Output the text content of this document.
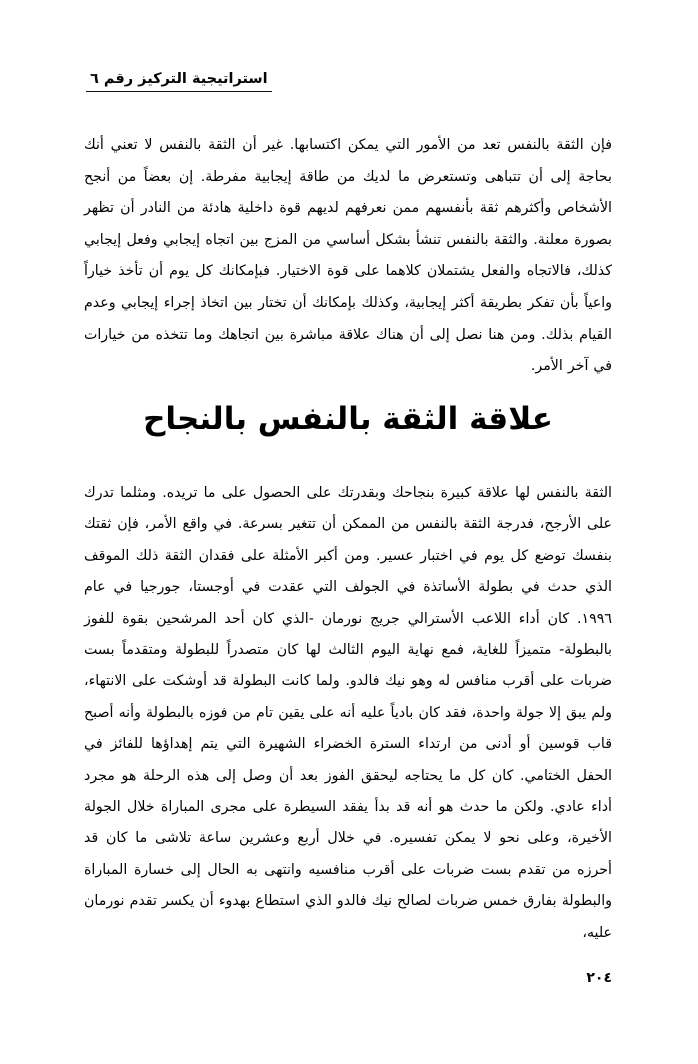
استراتيجية التركيز رقم ٦

فإن الثقة بالنفس تعد من الأمور التي يمكن اكتسابها. غير أن الثقة بالنفس لا تعني أنك بحاجة إلى أن تتباهى وتستعرض ما لديك من طاقة إيجابية مفرطة. إن بعضاً من أنجح الأشخاص وأكثرهم ثقة بأنفسهم ممن نعرفهم لديهم قوة داخلية هادئة من النادر أن تظهر بصورة معلنة. والثقة بالنفس تنشأ بشكل أساسي من المزج بين اتجاه إيجابي وفعل إيجابي كذلك، فالاتجاه والفعل يشتملان كلاهما على قوة الاختيار. فبإمكانك كل يوم أن تأخذ خياراً واعياً بأن تفكر بطريقة أكثر إيجابية، وكذلك بإمكانك أن تختار بين اتخاذ إجراء إيجابي وعدم القيام بذلك. ومن هنا نصل إلى أن هناك علاقة مباشرة بين اتجاهك وما تتخذه من خيارات في آخر الأمر.

علاقة الثقة بالنفس بالنجاح

الثقة بالنفس لها علاقة كبيرة بنجاحك وبقدرتك على الحصول على ما تريده. ومثلما تدرك على الأرجح، فدرجة الثقة بالنفس من الممكن أن تتغير بسرعة. في واقع الأمر، فإن ثقتك بنفسك توضع كل يوم في اختبار عسير. ومن أكبر الأمثلة على فقدان الثقة ذلك الموقف الذي حدث في بطولة الأساتذة في الجولف التي عقدت في أوجستا، جورجيا في عام ١٩٩٦. كان أداء اللاعب الأسترالي جريج نورمان -الذي كان أحد المرشحين بقوة للفوز بالبطولة- متميزاً للغاية، فمع نهاية اليوم الثالث لها كان متصدراً للبطولة ومتقدماً بست ضربات على أقرب منافس له وهو نيك فالدو. ولما كانت البطولة قد أوشكت على الانتهاء، ولم يبق إلا جولة واحدة، فقد كان بادياً عليه أنه على يقين تام من فوزه بالبطولة وأنه أصبح قاب قوسين أو أدنى من ارتداء السترة الخضراء الشهيرة التي يتم إهداؤها للفائز في الحفل الختامي. كان كل ما يحتاجه ليحقق الفوز بعد أن وصل إلى هذه الرحلة هو مجرد أداء عادي. ولكن ما حدث هو أنه قد بدأ يفقد السيطرة على مجرى المباراة خلال الجولة الأخيرة، وعلى نحو لا يمكن تفسيره. في خلال أربع وعشرين ساعة تلاشى ما كان قد أحرزه من تقدم بست ضربات على أقرب منافسيه وانتهى به الحال إلى خسارة المباراة والبطولة بفارق خمس ضربات لصالح نيك فالدو الذي استطاع بهدوء أن يكسر تقدم نورمان عليه،

٢٠٤
